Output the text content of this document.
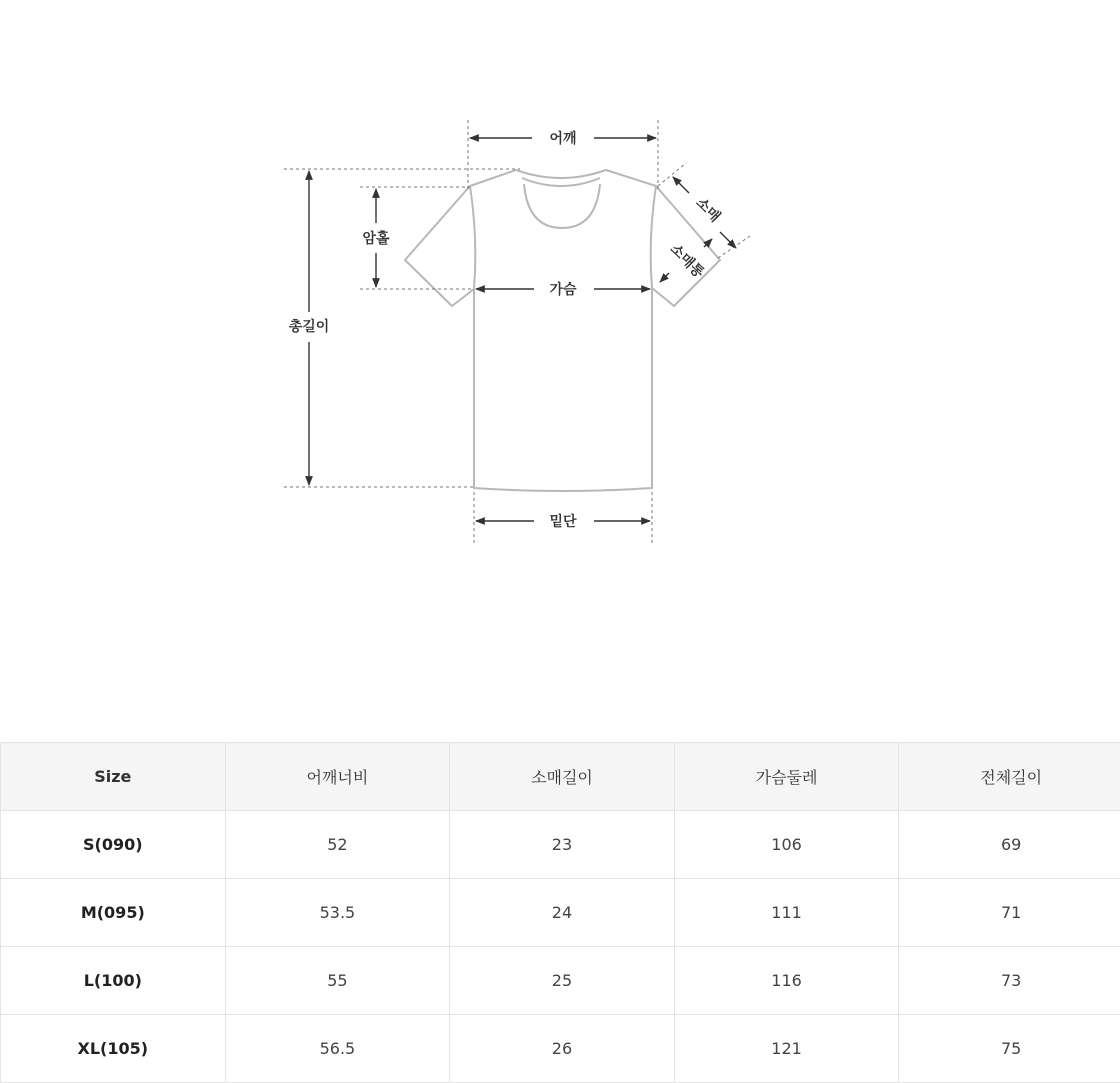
어깨
총길이
암홀
가슴
밑단
소매
소매통
Size	어깨너비	소매길이	가슴둘레	전체길이
S(090)	52	23	106	69
M(095)	53.5	24	111	71
L(100)	55	25	116	73
XL(105)	56.5	26	121	75
